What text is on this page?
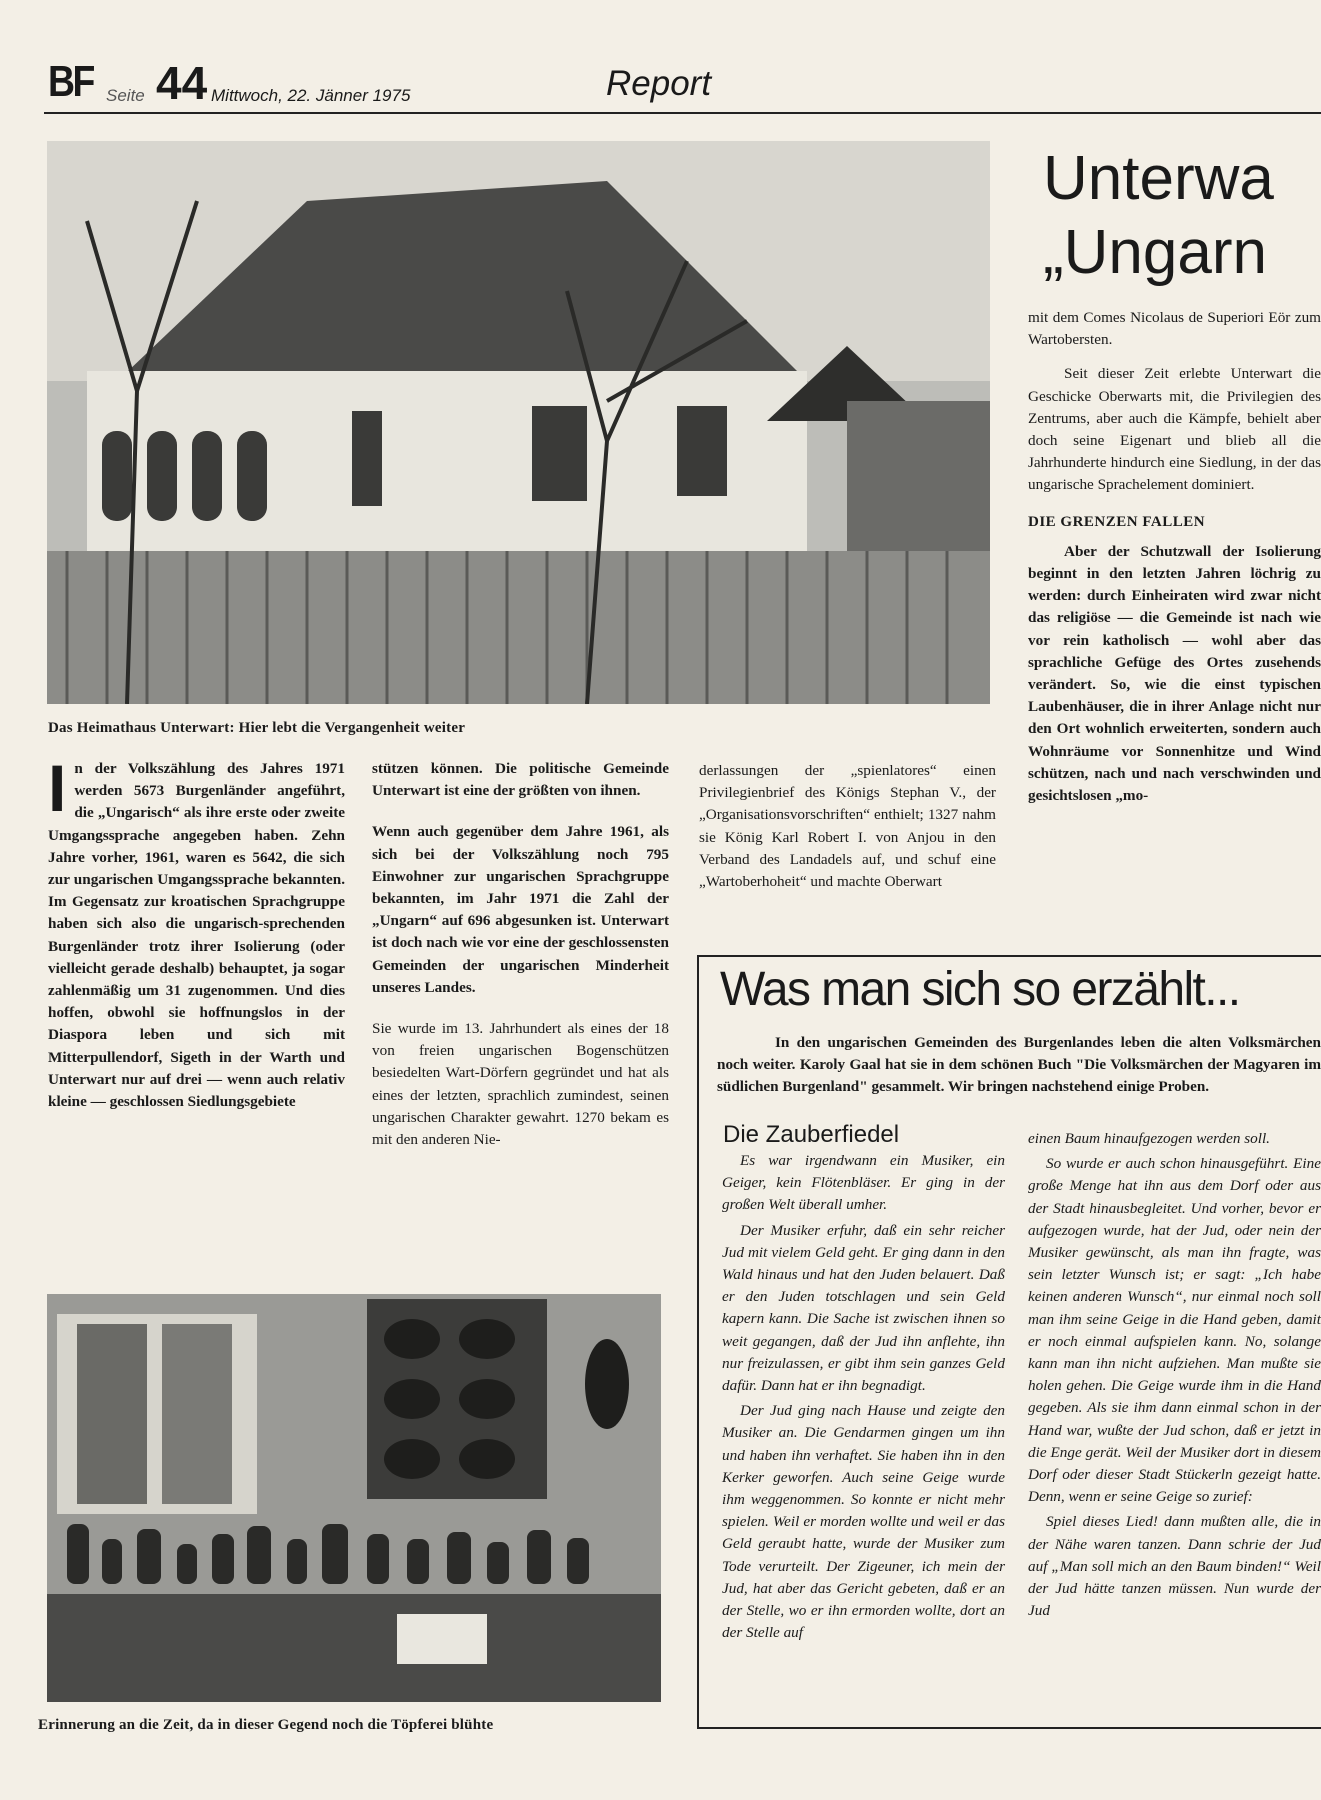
BF Seite 44 Mittwoch, 22. Jänner 1975	Report
Das Heimathaus Unterwart: Hier lebt die Vergangenheit weiter

In der Volkszählung des Jahres 1971 werden 5673 Burgenländer angeführt, die „Ungarisch“ als ihre erste oder zweite Umgangssprache angegeben haben. Zehn Jahre vorher, 1961, waren es 5642, die sich zur ungarischen Umgangssprache bekannten. Im Gegensatz zur kroatischen Sprachgruppe haben sich also die ungarisch-sprechenden Burgenländer trotz ihrer Isolierung (oder vielleicht gerade deshalb) behauptet, ja sogar zahlenmäßig um 31 zugenommen. Und dies hoffen, obwohl sie hoffnungslos in der Diaspora leben und sich mit Mitterpullendorf, Sigeth in der Warth und Unterwart nur auf drei — wenn auch relativ kleine — geschlossen Siedlungsgebiete

stützen können. Die politische Gemeinde Unterwart ist eine der größten von ihnen.

Wenn auch gegenüber dem Jahre 1961, als sich bei der Volkszählung noch 795 Einwohner zur ungarischen Sprachgruppe bekannten, im Jahr 1971 die Zahl der „Ungarn“ auf 696 abgesunken ist. Unterwart ist doch nach wie vor eine der geschlossensten Gemeinden der ungarischen Minderheit unseres Landes.

Sie wurde im 13. Jahrhundert als eines der 18 von freien ungarischen Bogenschützen besiedelten Wart-Dörfern gegründet und hat als eines der letzten, sprachlich zumindest, seinen ungarischen Charakter gewahrt. 1270 bekam es mit den anderen Nie-

derlassungen der „spienlatores“ einen Privilegienbrief des Königs Stephan V., der „Organisationsvorschriften“ enthielt; 1327 nahm sie König Karl Robert I. von Anjou in den Verband des Landadels auf, und schuf eine „Wartoberhoheit“ und machte Oberwart

Unterwa
„Ungarn

mit dem Comes Nicolaus de Superiori Eör zum Wartobersten.

Seit dieser Zeit erlebte Unterwart die Geschicke Oberwarts mit, die Privilegien des Zentrums, aber auch die Kämpfe, behielt aber doch seine Eigenart und blieb all die Jahrhunderte hindurch eine Siedlung, in der das ungarische Sprachelement dominiert.

DIE GRENZEN FALLEN

Aber der Schutzwall der Isolierung beginnt in den letzten Jahren löchrig zu werden: durch Einheiraten wird zwar nicht das religiöse — die Gemeinde ist nach wie vor rein katholisch — wohl aber das sprachliche Gefüge des Ortes zusehends verändert. So, wie die einst typischen Laubenhäuser, die in ihrer Anlage nicht nur den Ort wohnlich erweiterten, sondern auch Wohnräume vor Sonnenhitze und Wind schützen, nach und nach verschwinden und gesichtslosen „mo-

Erinnerung an die Zeit, da in dieser Gegend noch die Töpferei blühte
Was man sich so erzählt...
In den ungarischen Gemeinden des Burgenlandes leben die alten Volksmärchen noch weiter. Karoly Gaal hat sie in dem schönen Buch "Die Volksmärchen der Magyaren im südlichen Burgenland" gesammelt. Wir bringen nachstehend einige Proben.
Die Zauberfiedel

Es war irgendwann ein Musiker, ein Geiger, kein Flötenbläser. Er ging in der großen Welt überall umher.

Der Musiker erfuhr, daß ein sehr reicher Jud mit vielem Geld geht. Er ging dann in den Wald hinaus und hat den Juden belauert. Daß er den Juden totschlagen und sein Geld kapern kann. Die Sache ist zwischen ihnen so weit gegangen, daß der Jud ihn anflehte, ihn nur freizulassen, er gibt ihm sein ganzes Geld dafür. Dann hat er ihn begnadigt.

Der Jud ging nach Hause und zeigte den Musiker an. Die Gendarmen gingen um ihn und haben ihn verhaftet. Sie haben ihn in den Kerker geworfen. Auch seine Geige wurde ihm weggenommen. So konnte er nicht mehr spielen. Weil er morden wollte und weil er das Geld geraubt hatte, wurde der Musiker zum Tode verurteilt. Der Zigeuner, ich mein der Jud, hat aber das Gericht gebeten, daß er an der Stelle, wo er ihn ermorden wollte, dort an der Stelle auf

einen Baum hinaufgezogen werden soll.

So wurde er auch schon hinausgeführt. Eine große Menge hat ihn aus dem Dorf oder aus der Stadt hinausbegleitet. Und vorher, bevor er aufgezogen wurde, hat der Jud, oder nein der Musiker gewünscht, als man ihn fragte, was sein letzter Wunsch ist; er sagt: „Ich habe keinen anderen Wunsch“, nur einmal noch soll man ihm seine Geige in die Hand geben, damit er noch einmal aufspielen kann. No, solange kann man ihn nicht aufziehen. Man mußte sie holen gehen. Die Geige wurde ihm in die Hand gegeben. Als sie ihm dann einmal schon in der Hand war, wußte der Jud schon, daß er jetzt in die Enge gerät. Weil der Musiker dort in diesem Dorf oder dieser Stadt Stückerln gezeigt hatte. Denn, wenn er seine Geige so zurief:

Spiel dieses Lied! dann mußten alle, die in der Nähe waren tanzen. Dann schrie der Jud auf „Man soll mich an den Baum binden!“ Weil der Jud hätte tanzen müssen. Nun wurde der Jud
